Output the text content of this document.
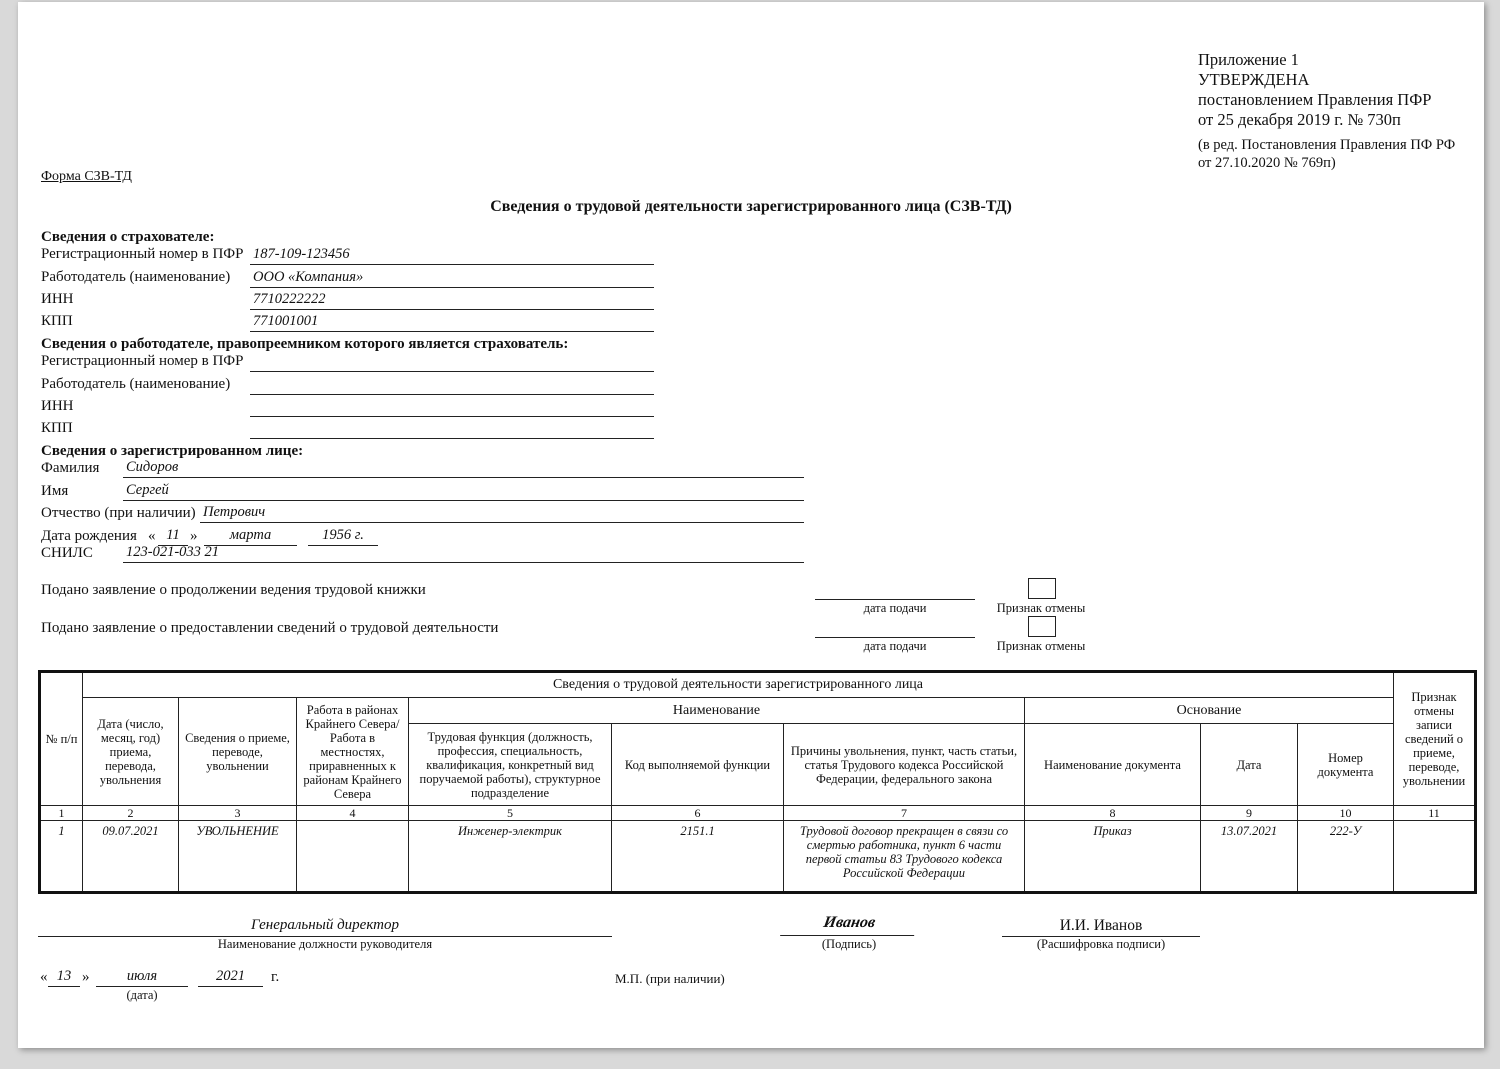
Приложение 1
УТВЕРЖДЕНА
постановлением Правления ПФР
от 25 декабря 2019 г. № 730п
(в ред. Постановления Правления ПФ РФ
от 27.10.2020 № 769п)
Форма СЗВ-ТД
Сведения о трудовой деятельности зарегистрированного лица (СЗВ-ТД)
Сведения о страхователе:
Регистрационный номер в ПФР 187-109-123456
Работодатель (наименование) ООО «Компания»
ИНН	7710222222
КПП	771001001
Сведения о работодателе, правопреемником которого является страхователь:
Регистрационный номер в ПФР
Работодатель (наименование)
ИНН
КПП
Сведения о зарегистрированном лице:
Фамилия Сидоров
Имя	Сергей
Отчество (при наличии) Петрович
Дата рождения « 11 »	марта	1956 г.
СНИЛС 123-021-033 21
Подано заявление о продолжении ведения трудовой книжки
дата подачи	Признак отмены
Подано заявление о предоставлении сведений о трудовой деятельности
дата подачи	Признак отмены
№ п/п	Сведения о трудовой деятельности зарегистрированного лица									Признак отмены записи сведений о приеме, переводе, увольнении
	Дата (число, месяц, год) приема, перевода, увольнения	Сведения о приеме, переводе, увольнении	Работа в районах Крайнего Севера/Работа в местностях, приравненных к районам Крайнего Севера	Наименование			Основание			
				Трудовая функция (должность, профессия, специальность, квалификация, конкретный вид поручаемой работы), структурное подразделение	Код выполняемой функции	Причины увольнения, пункт, часть статьи, статья Трудового кодекса Российской Федерации, федерального закона	Наименование документа	Дата	Номер документа	
1	2	3	4	5	6	7	8	9	10	11
1	09.07.2021	УВОЛЬНЕНИЕ		Инженер-электрик	2151.1	Трудовой договор прекращен в связи со смертью работника, пункт 6 части первой статьи 83 Трудового кодекса Российской Федерации	Приказ	13.07.2021	222-У	
Генеральный директор
Наименование должности руководителя
Иванов
(Подпись)
И.И. Иванов
(Расшифровка подписи)
« 13 »	июля	2021	г.
(дата)
М.П. (при наличии)
